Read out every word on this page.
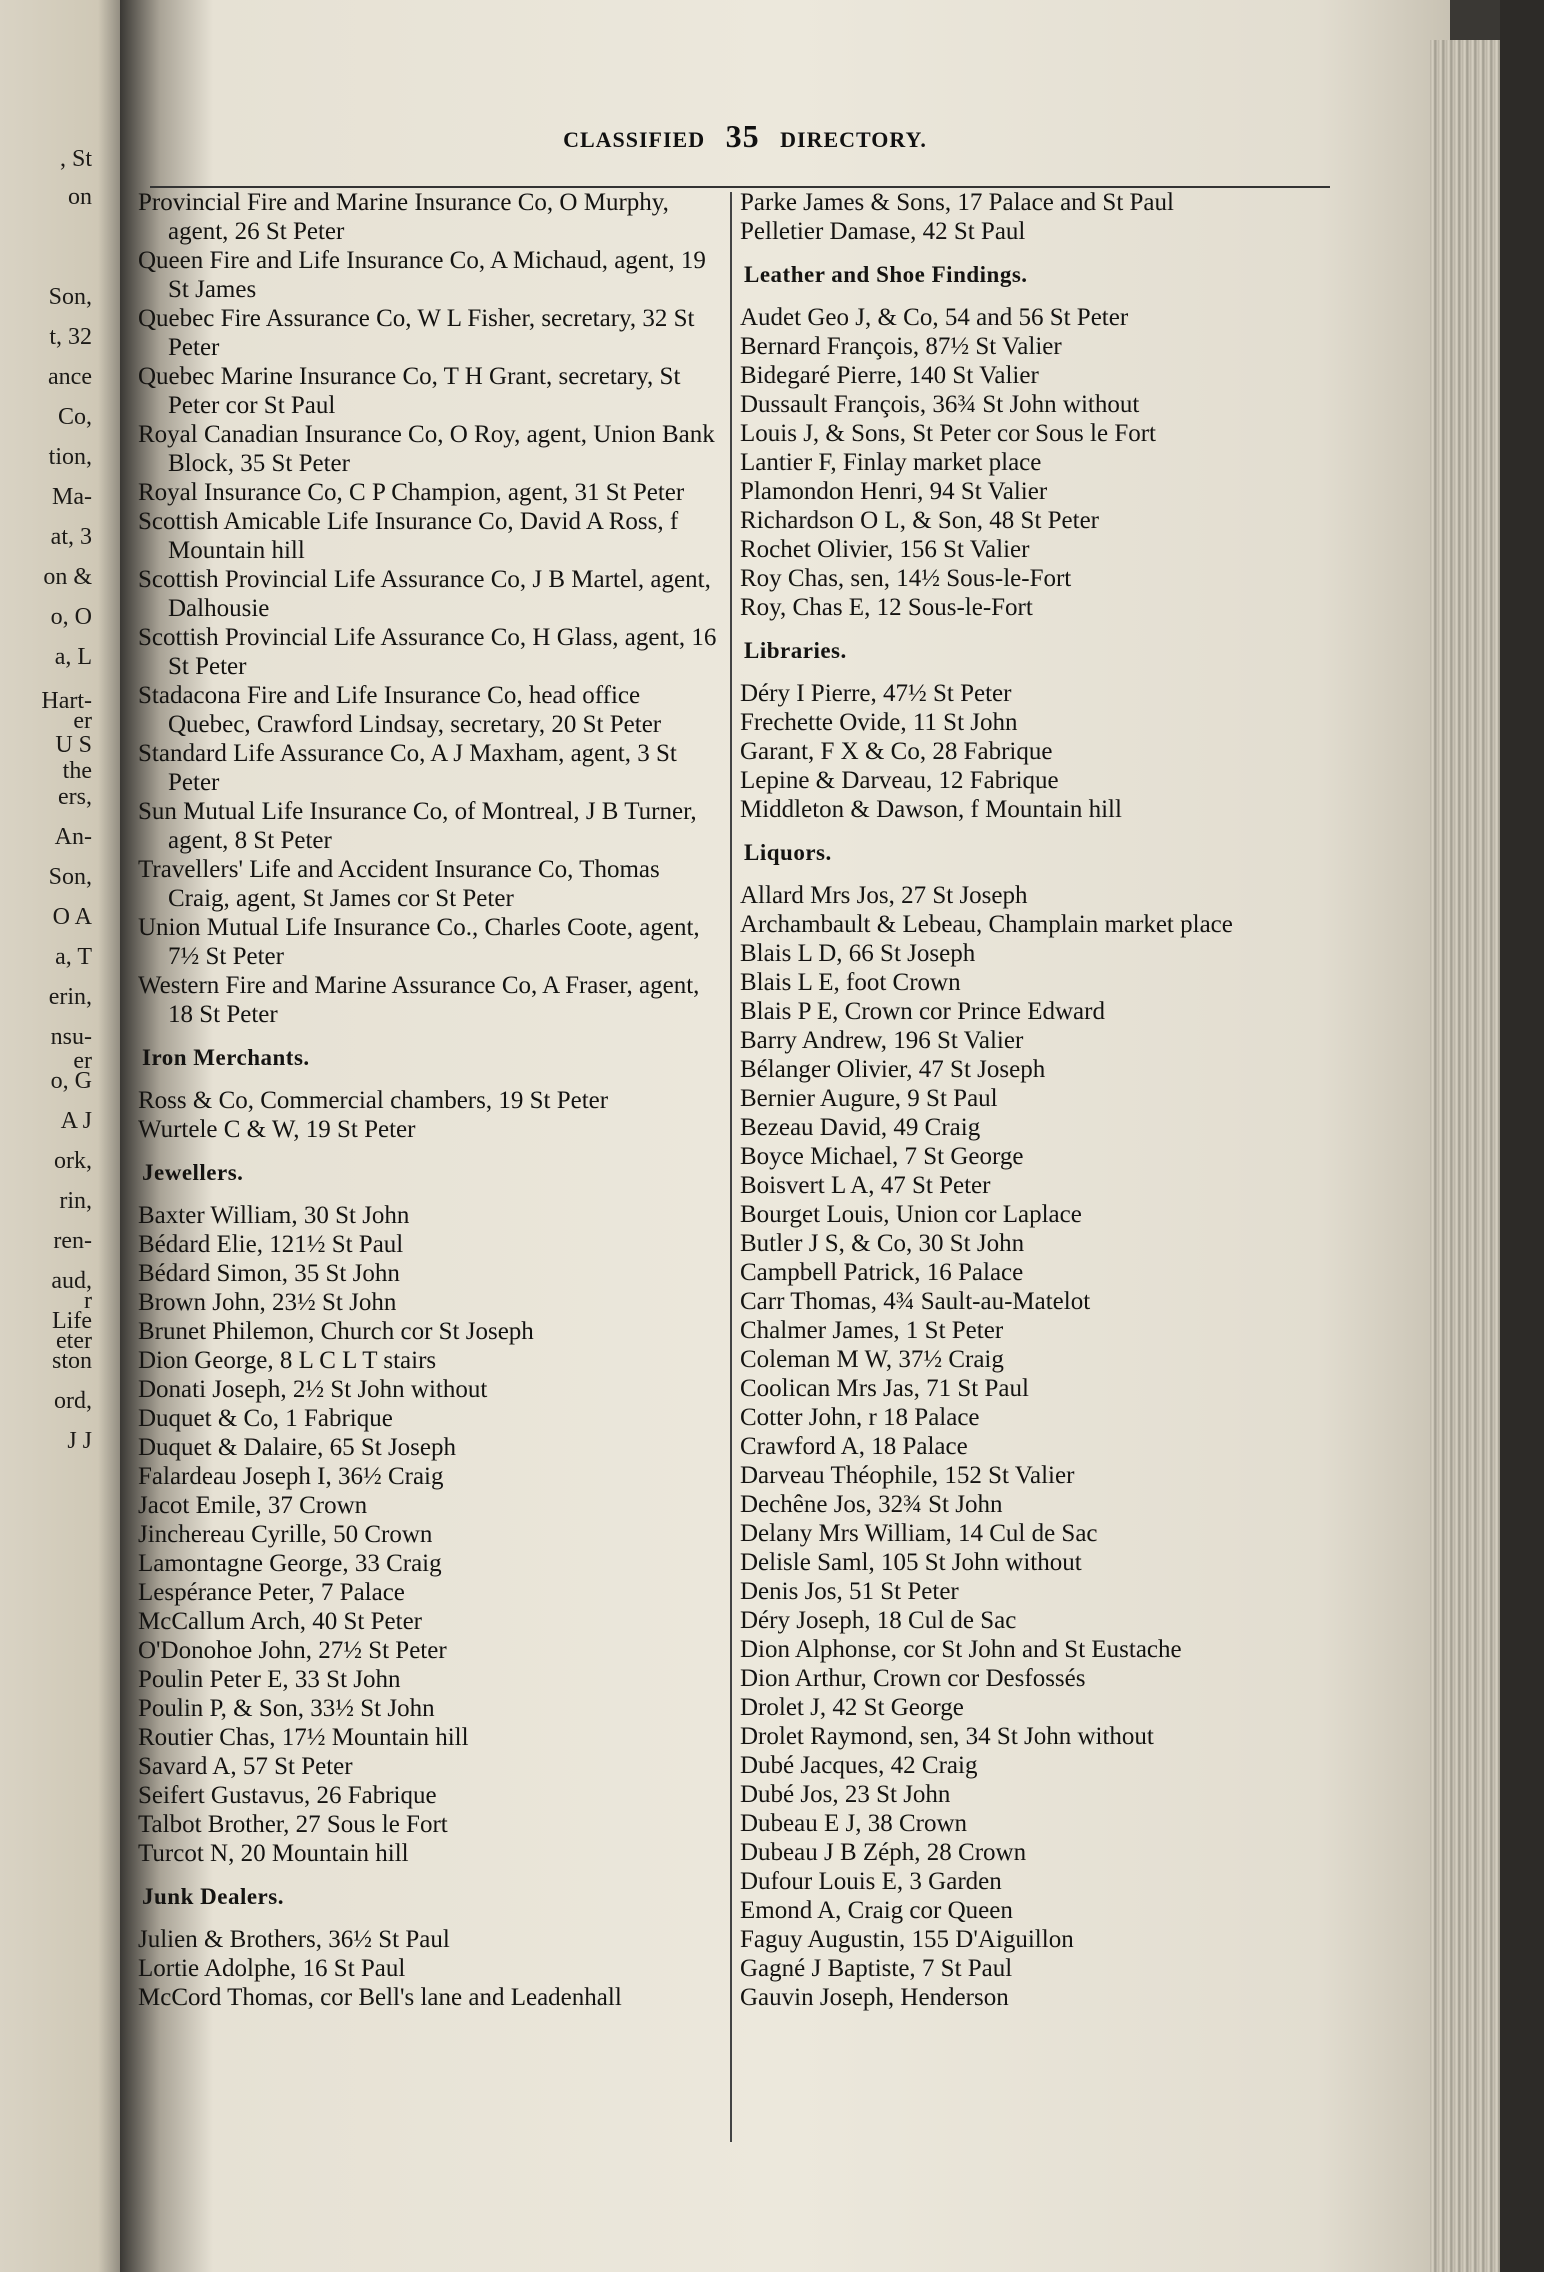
, St
on
Son,
t, 32
ance
Co,
tion,
Ma-
at, 3
on &
o, O
a, L
Hart-
er
U S
the
ers,
An-
Son,
O A
a, T
erin,
nsu-
er
o, G
A J
ork,
rin,
ren-
aud,
r
Life
eter
ston
ord,
J J
CLASSIFIED 35 DIRECTORY.
Provincial Fire and Marine Insurance Co, O Murphy, agent, 26 St Peter
Queen Fire and Life Insurance Co, A Michaud, agent, 19 St James
Quebec Fire Assurance Co, W L Fisher, secretary, 32 St Peter
Quebec Marine Insurance Co, T H Grant, secretary, St Peter cor St Paul
Royal Canadian Insurance Co, O Roy, agent, Union Bank Block, 35 St Peter
Royal Insurance Co, C P Champion, agent, 31 St Peter
Scottish Amicable Life Insurance Co, David A Ross, f Mountain hill
Scottish Provincial Life Assurance Co, J B Martel, agent, Dalhousie
Scottish Provincial Life Assurance Co, H Glass, agent, 16 St Peter
Stadacona Fire and Life Insurance Co, head office Quebec, Crawford Lindsay, secretary, 20 St Peter
Standard Life Assurance Co, A J Maxham, agent, 3 St Peter
Sun Mutual Life Insurance Co, of Montreal, J B Turner, agent, 8 St Peter
Travellers' Life and Accident Insurance Co, Thomas Craig, agent, St James cor St Peter
Union Mutual Life Insurance Co., Charles Coote, agent, 7½ St Peter
Western Fire and Marine Assurance Co, A Fraser, agent, 18 St Peter
Iron Merchants.
Ross & Co, Commercial chambers, 19 St Peter
Wurtele C & W, 19 St Peter
Jewellers.
Baxter William, 30 St John
Bédard Elie, 121½ St Paul
Bédard Simon, 35 St John
Brown John, 23½ St John
Brunet Philemon, Church cor St Joseph
Dion George, 8 L C L T stairs
Donati Joseph, 2½ St John without
Duquet & Co, 1 Fabrique
Duquet & Dalaire, 65 St Joseph
Falardeau Joseph I, 36½ Craig
Jacot Emile, 37 Crown
Jinchereau Cyrille, 50 Crown
Lamontagne George, 33 Craig
Lespérance Peter, 7 Palace
McCallum Arch, 40 St Peter
O'Donohoe John, 27½ St Peter
Poulin Peter E, 33 St John
Poulin P, & Son, 33½ St John
Routier Chas, 17½ Mountain hill
Savard A, 57 St Peter
Seifert Gustavus, 26 Fabrique
Talbot Brother, 27 Sous le Fort
Turcot N, 20 Mountain hill
Junk Dealers.
Julien & Brothers, 36½ St Paul
Lortie Adolphe, 16 St Paul
McCord Thomas, cor Bell's lane and Leadenhall
Parke James & Sons, 17 Palace and St Paul
Pelletier Damase, 42 St Paul
Leather and Shoe Findings.
Audet Geo J, & Co, 54 and 56 St Peter
Bernard François, 87½ St Valier
Bidegaré Pierre, 140 St Valier
Dussault François, 36¾ St John without
Louis J, & Sons, St Peter cor Sous le Fort
Lantier F, Finlay market place
Plamondon Henri, 94 St Valier
Richardson O L, & Son, 48 St Peter
Rochet Olivier, 156 St Valier
Roy Chas, sen, 14½ Sous-le-Fort
Roy, Chas E, 12 Sous-le-Fort
Libraries.
Déry I Pierre, 47½ St Peter
Frechette Ovide, 11 St John
Garant, F X & Co, 28 Fabrique
Lepine & Darveau, 12 Fabrique
Middleton & Dawson, f Mountain hill
Liquors.
Allard Mrs Jos, 27 St Joseph
Archambault & Lebeau, Champlain market place
Blais L D, 66 St Joseph
Blais L E, foot Crown
Blais P E, Crown cor Prince Edward
Barry Andrew, 196 St Valier
Bélanger Olivier, 47 St Joseph
Bernier Augure, 9 St Paul
Bezeau David, 49 Craig
Boyce Michael, 7 St George
Boisvert L A, 47 St Peter
Bourget Louis, Union cor Laplace
Butler J S, & Co, 30 St John
Campbell Patrick, 16 Palace
Carr Thomas, 4¾ Sault-au-Matelot
Chalmer James, 1 St Peter
Coleman M W, 37½ Craig
Coolican Mrs Jas, 71 St Paul
Cotter John, r 18 Palace
Crawford A, 18 Palace
Darveau Théophile, 152 St Valier
Dechêne Jos, 32¾ St John
Delany Mrs William, 14 Cul de Sac
Delisle Saml, 105 St John without
Denis Jos, 51 St Peter
Déry Joseph, 18 Cul de Sac
Dion Alphonse, cor St John and St Eustache
Dion Arthur, Crown cor Desfossés
Drolet J, 42 St George
Drolet Raymond, sen, 34 St John without
Dubé Jacques, 42 Craig
Dubé Jos, 23 St John
Dubeau E J, 38 Crown
Dubeau J B Zéph, 28 Crown
Dufour Louis E, 3 Garden
Emond A, Craig cor Queen
Faguy Augustin, 155 D'Aiguillon
Gagné J Baptiste, 7 St Paul
Gauvin Joseph, Henderson
